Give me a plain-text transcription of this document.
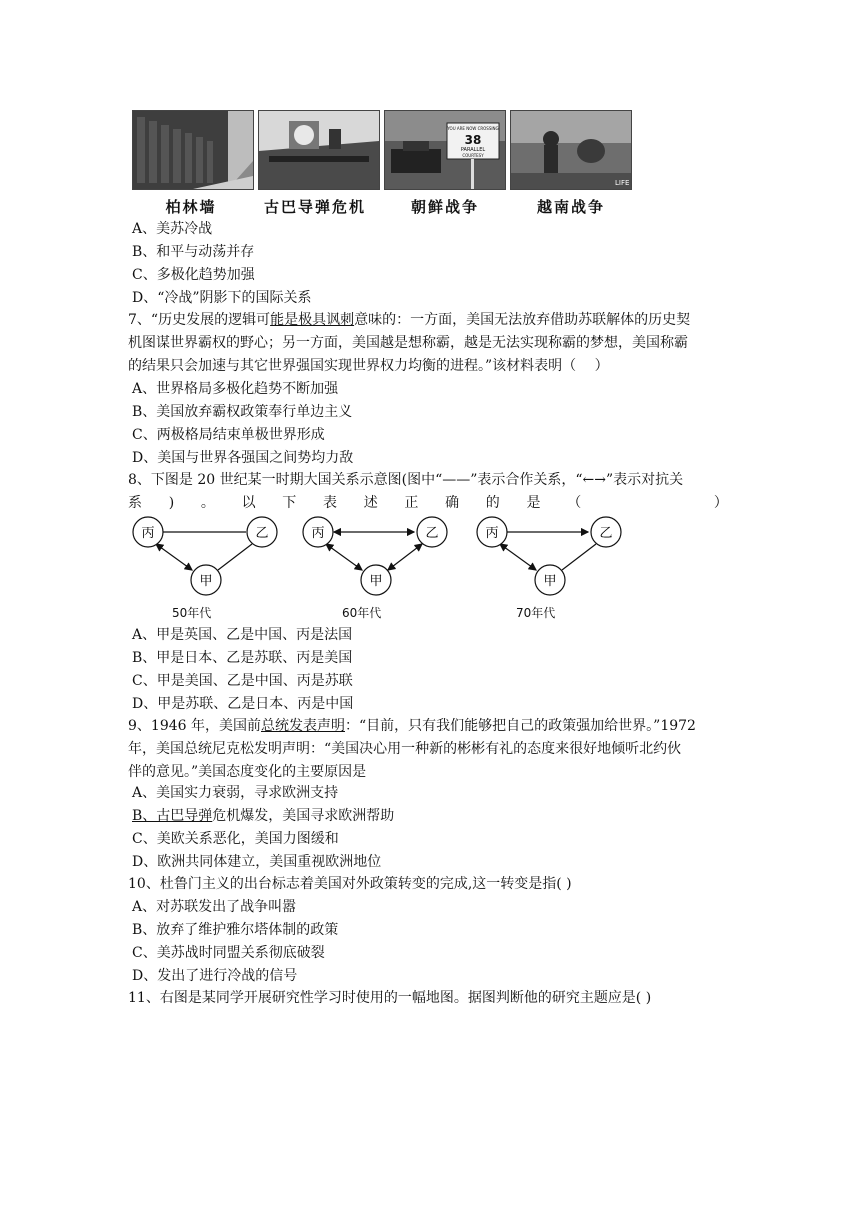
YOU ARE NOW CROSSING
38
PARALLEL
COURTESY
LIFE
柏林墙	古巴导弹危机	朝鲜战争	越南战争
A、美苏冷战
B、和平与动荡并存
C、多极化趋势加强
D、“冷战”阴影下的国际关系
7、“历史发展的逻辑可能是极具讽刺意味的：一方面，美国无法放弃借助苏联解体的历史契
机图谋世界霸权的野心；另一方面，美国越是想称霸，越是无法实现称霸的梦想，美国称霸
的结果只会加速与其它世界强国实现世界权力均衡的进程。”该材料表明（　 ）
A、世界格局多极化趋势不断加强
B、美国放弃霸权政策奉行单边主义
C、两极格局结束单极世界形成
D、美国与世界各强国之间势均力敌
8、下图是 20 世纪某一时期大国关系示意图(图中“——”表示合作关系，“←→”表示对抗关
系 ) 。 以 下 表 述 正 确 的 是 （	）
丙	乙
甲
50年代
丙	乙
甲
60年代
丙	乙
甲
70年代
A、甲是英国、乙是中国、丙是法国
B、甲是日本、乙是苏联、丙是美国
C、甲是美国、乙是中国、丙是苏联
D、甲是苏联、乙是日本、丙是中国
9、1946 年，美国前总统发表声明：“目前，只有我们能够把自己的政策强加给世界。”1972
年，美国总统尼克松发明声明：“美国决心用一种新的彬彬有礼的态度来很好地倾听北约伙
伴的意见。”美国态度变化的主要原因是
A、美国实力衰弱，寻求欧洲支持
B、古巴导弹危机爆发，美国寻求欧洲帮助
C、美欧关系恶化，美国力图缓和
D、欧洲共同体建立，美国重视欧洲地位
10、杜鲁门主义的出台标志着美国对外政策转变的完成,这一转变是指( )
A、对苏联发出了战争叫嚣
B、放弃了维护雅尔塔体制的政策
C、美苏战时同盟关系彻底破裂
D、发出了进行冷战的信号
11、右图是某同学开展研究性学习时使用的一幅地图。据图判断他的研究主题应是( )
